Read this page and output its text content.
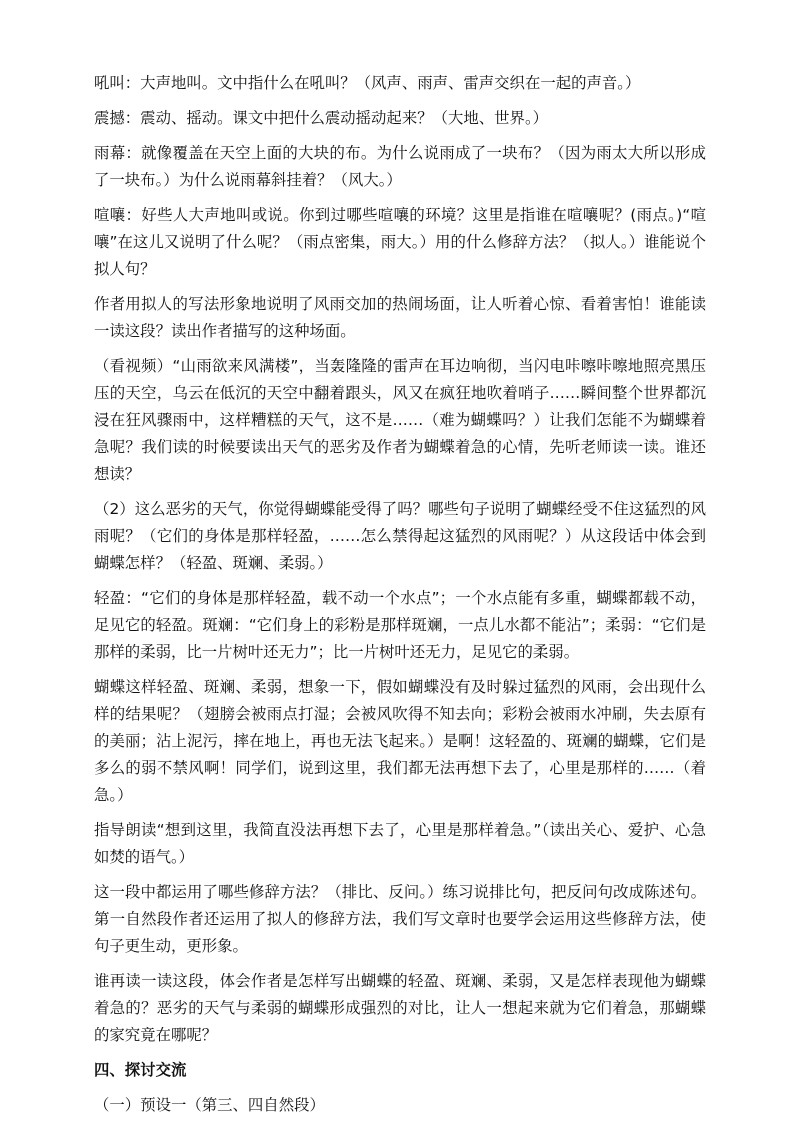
吼叫：大声地叫。文中指什么在吼叫？（风声、雨声、雷声交织在一起的声音。）

震撼：震动、摇动。课文中把什么震动摇动起来？（大地、世界。）

雨幕：就像覆盖在天空上面的大块的布。为什么说雨成了一块布？（因为雨太大所以形成了一块布。）为什么说雨幕斜挂着？（风大。）

喧嚷：好些人大声地叫或说。你到过哪些喧嚷的环境？这里是指谁在喧嚷呢？(雨点。)“喧嚷”在这儿又说明了什么呢？（雨点密集，雨大。）用的什么修辞方法？（拟人。）谁能说个拟人句？

作者用拟人的写法形象地说明了风雨交加的热闹场面，让人听着心惊、看着害怕！谁能读一读这段？读出作者描写的这种场面。

（看视频）“山雨欲来风满楼”，当轰隆隆的雷声在耳边响彻，当闪电咔嚓咔嚓地照亮黑压压的天空，乌云在低沉的天空中翻着跟头，风又在疯狂地吹着哨子……瞬间整个世界都沉浸在狂风骤雨中，这样糟糕的天气，这不是……（难为蝴蝶吗？）让我们怎能不为蝴蝶着急呢？我们读的时候要读出天气的恶劣及作者为蝴蝶着急的心情，先听老师读一读。谁还想读？

（2）这么恶劣的天气，你觉得蝴蝶能受得了吗？哪些句子说明了蝴蝶经受不住这猛烈的风雨呢？（它们的身体是那样轻盈，……怎么禁得起这猛烈的风雨呢？）从这段话中体会到蝴蝶怎样？（轻盈、斑斓、柔弱。）

轻盈：“它们的身体是那样轻盈，载不动一个水点”；一个水点能有多重，蝴蝶都载不动，足见它的轻盈。斑斓：“它们身上的彩粉是那样斑斓，一点儿水都不能沾”；柔弱：“它们是那样的柔弱，比一片树叶还无力”；比一片树叶还无力，足见它的柔弱。

蝴蝶这样轻盈、斑斓、柔弱，想象一下，假如蝴蝶没有及时躲过猛烈的风雨，会出现什么样的结果呢？（翅膀会被雨点打湿；会被风吹得不知去向；彩粉会被雨水冲刷，失去原有的美丽；沾上泥污，摔在地上，再也无法飞起来。）是啊！这轻盈的、斑斓的蝴蝶，它们是多么的弱不禁风啊！同学们，说到这里，我们都无法再想下去了，心里是那样的……（着急。）

指导朗读“想到这里，我简直没法再想下去了，心里是那样着急。”（读出关心、爱护、心急如焚的语气。）

这一段中都运用了哪些修辞方法？（排比、反问。）练习说排比句，把反问句改成陈述句。第一自然段作者还运用了拟人的修辞方法，我们写文章时也要学会运用这些修辞方法，使句子更生动，更形象。

谁再读一读这段，体会作者是怎样写出蝴蝶的轻盈、斑斓、柔弱，又是怎样表现他为蝴蝶着急的？恶劣的天气与柔弱的蝴蝶形成强烈的对比，让人一想起来就为它们着急，那蝴蝶的家究竟在哪呢？

四、探讨交流

（一）预设一（第三、四自然段）
